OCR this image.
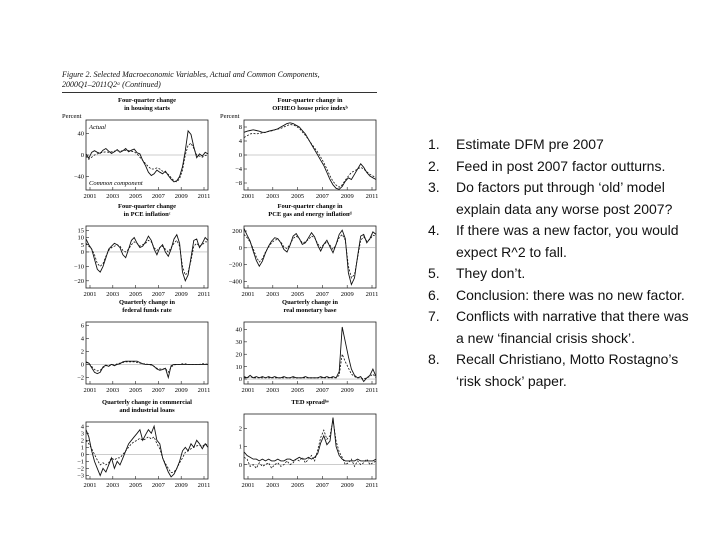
Figure 2. Selected Macroeconomic Variables, Actual and Common Components,
2000Q1–2011Q2ᵃ (Continued)
Four-quarter change
in housing starts
Percent
−40
0
40
2001 2003 2005 2007 2009 2011
Actual
Common component
Four-quarter change in
OFHEO house price indexᵇ
Percent
8
4
0
−4
−8
2001 2003 2005 2007 2009 2011
Four-quarter change
in PCE inflationᶜ
15
10
5
0
−10
−20
2001 2003 2005 2007 2009 2011
Four-quarter change in
PCE gas and energy inflationᵈ
200
0
−200
−400
2001 2003 2005 2007 2009 2011
Quarterly change in
federal funds rate
6
4
2
0
−2
2001 2003 2005 2007 2009 2011
Quarterly change in
real monetary base
40
30
20
10
0
2001 2003 2005 2007 2009 2011
Quarterly change in commercial
and industrial loans
4
3
2
1
0
−1
−2
−3
2001 2003 2005 2007 2009 2011
TED spreadᵇᵉ
2
1
0
2001 2003 2005 2007 2009 2011
1.	Estimate DFM pre 2007
2.	Feed in post 2007 factor outturns.
3.	Do factors put through ‘old’ model explain data any worse post 2007?
4.	If there was a new factor, you would expect R^2 to fall.
5.	They don’t.
6.	Conclusion: there was no new factor.
7.	Conflicts with narrative that there was a new ‘financial crisis shock’.
8.	Recall Christiano, Motto Rostagno’s ‘risk shock’ paper.
